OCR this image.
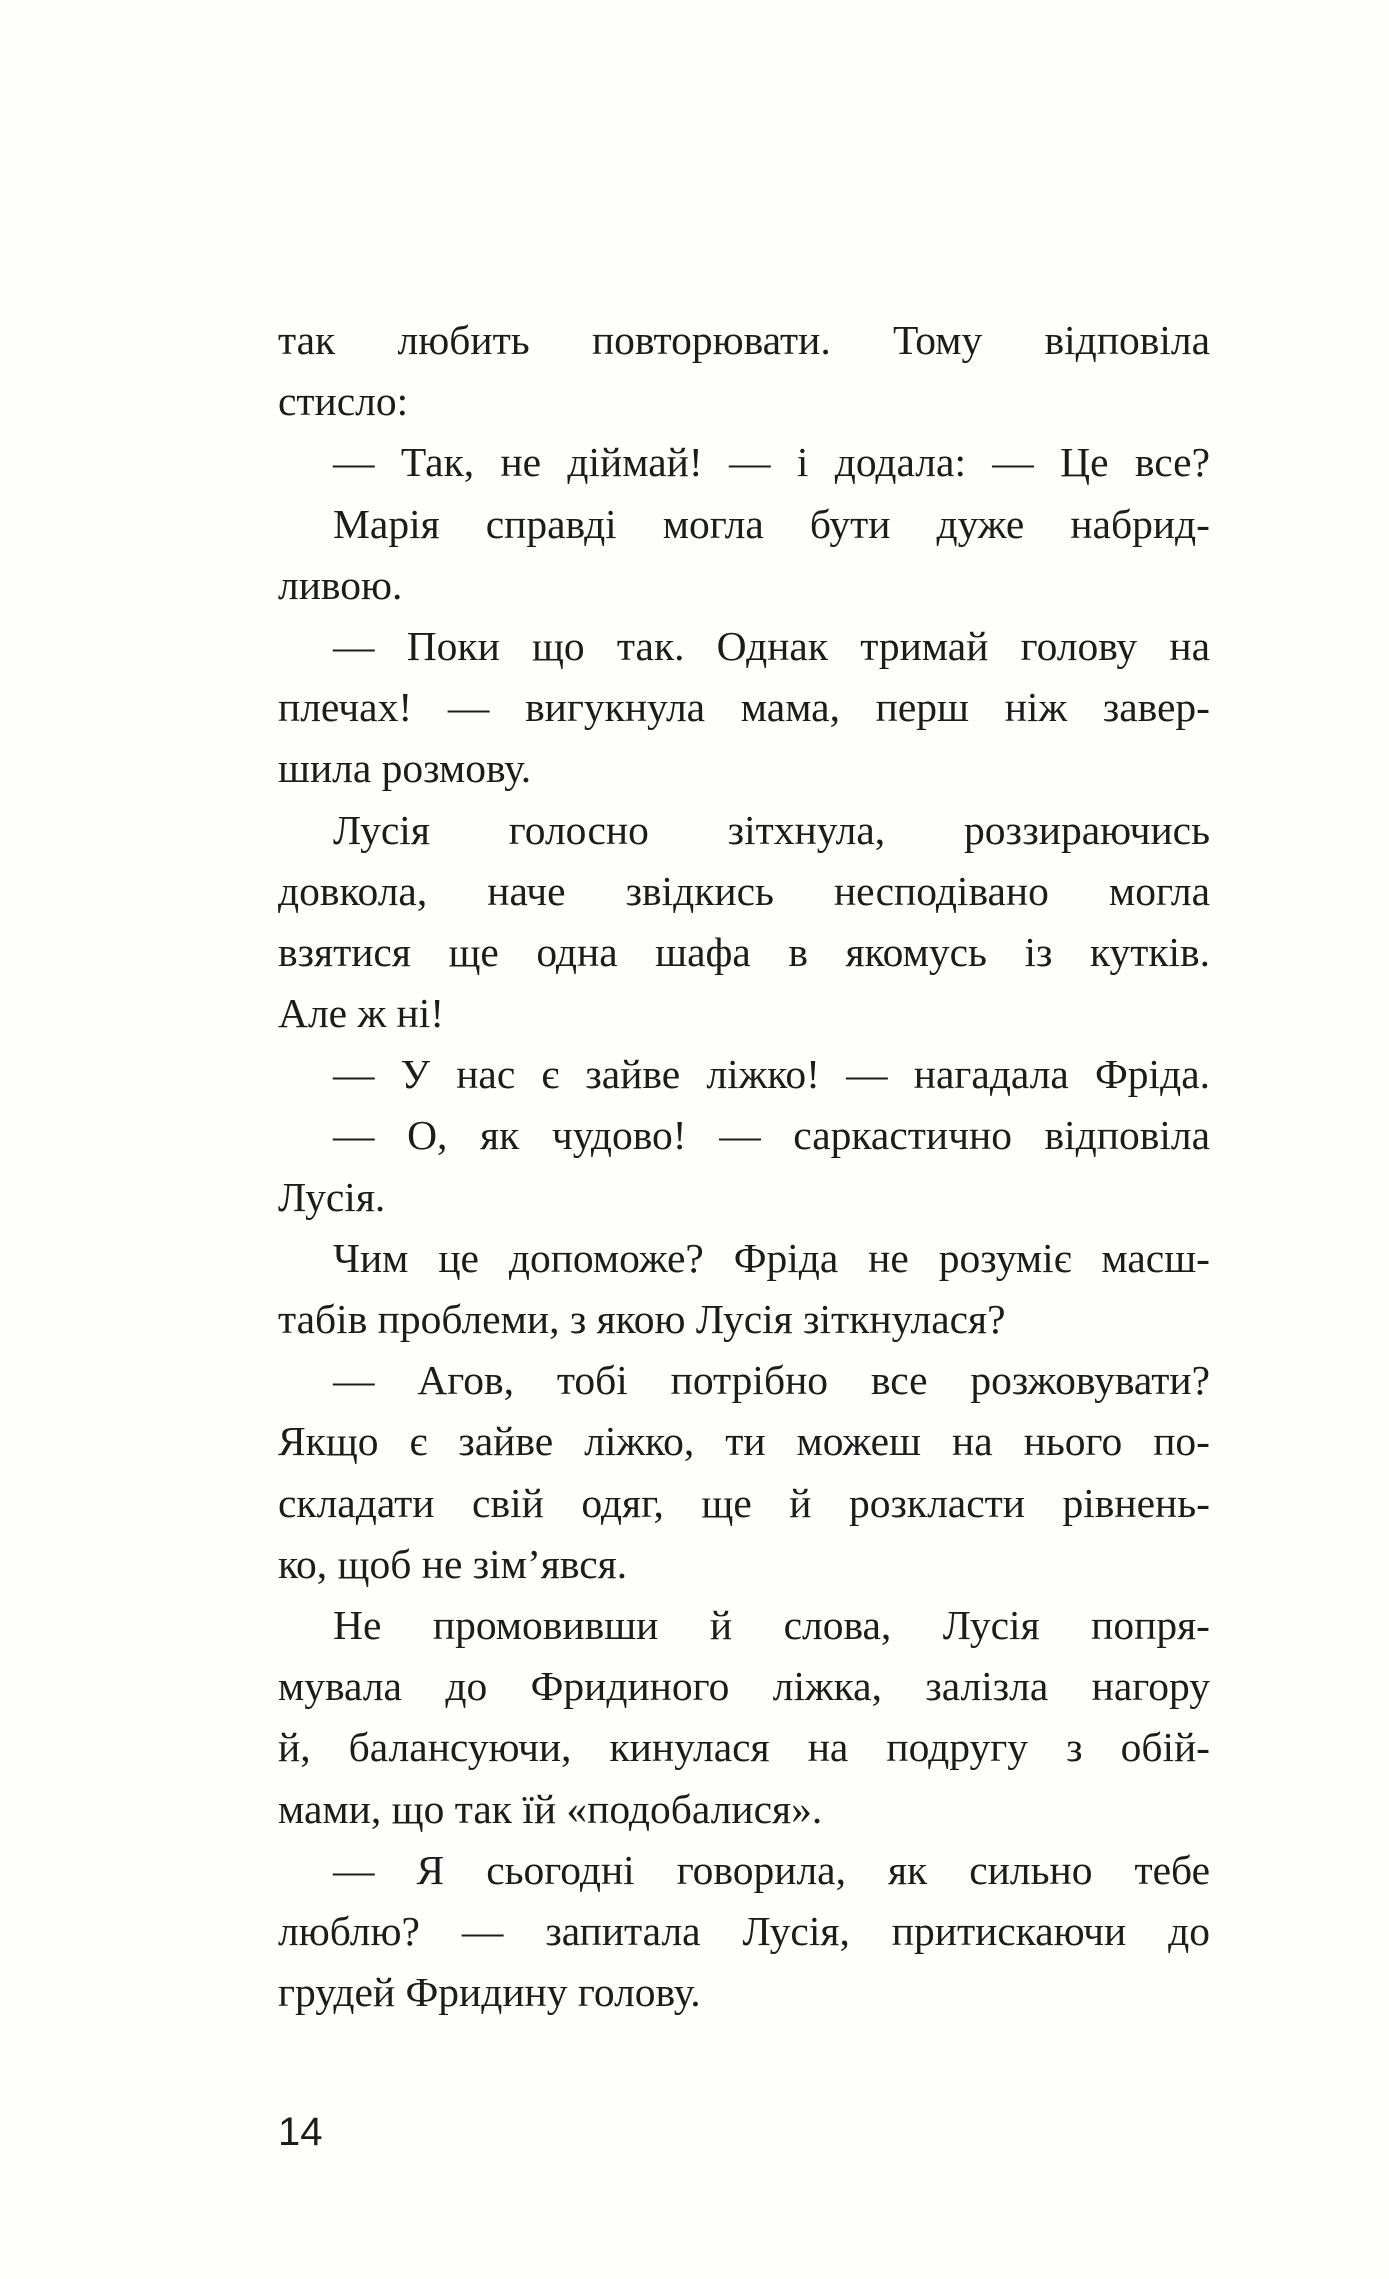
так любить повторювати. Тому відповіла
стисло:
— Так, не діймай! — і додала: — Це все?
Марія справді могла бути дуже набрид-
ливою.
— Поки що так. Однак тримай голову на
плечах! — вигукнула мама, перш ніж завер-
шила розмову.
Лусія голосно зітхнула, роззираючись
довкола, наче звідкись несподівано могла
взятися ще одна шафа в якомусь із кутків.
Але ж ні!
— У нас є зайве ліжко! — нагадала Фріда.
— О, як чудово! — саркастично відповіла
Лусія.
Чим це допоможе? Фріда не розуміє масш-
табів проблеми, з якою Лусія зіткнулася?
— Агов, тобі потрібно все розжовувати?
Якщо є зайве ліжко, ти можеш на нього по-
складати свій одяг, ще й розкласти рівнень-
ко, щоб не зім’явся.
Не промовивши й слова, Лусія попря-
мувала до Фридиного ліжка, залізла нагору
й, балансуючи, кинулася на подругу з обій-
мами, що так їй «подобалися».
— Я сьогодні говорила, як сильно тебе
люблю? — запитала Лусія, притискаючи до
грудей Фридину голову.
14
